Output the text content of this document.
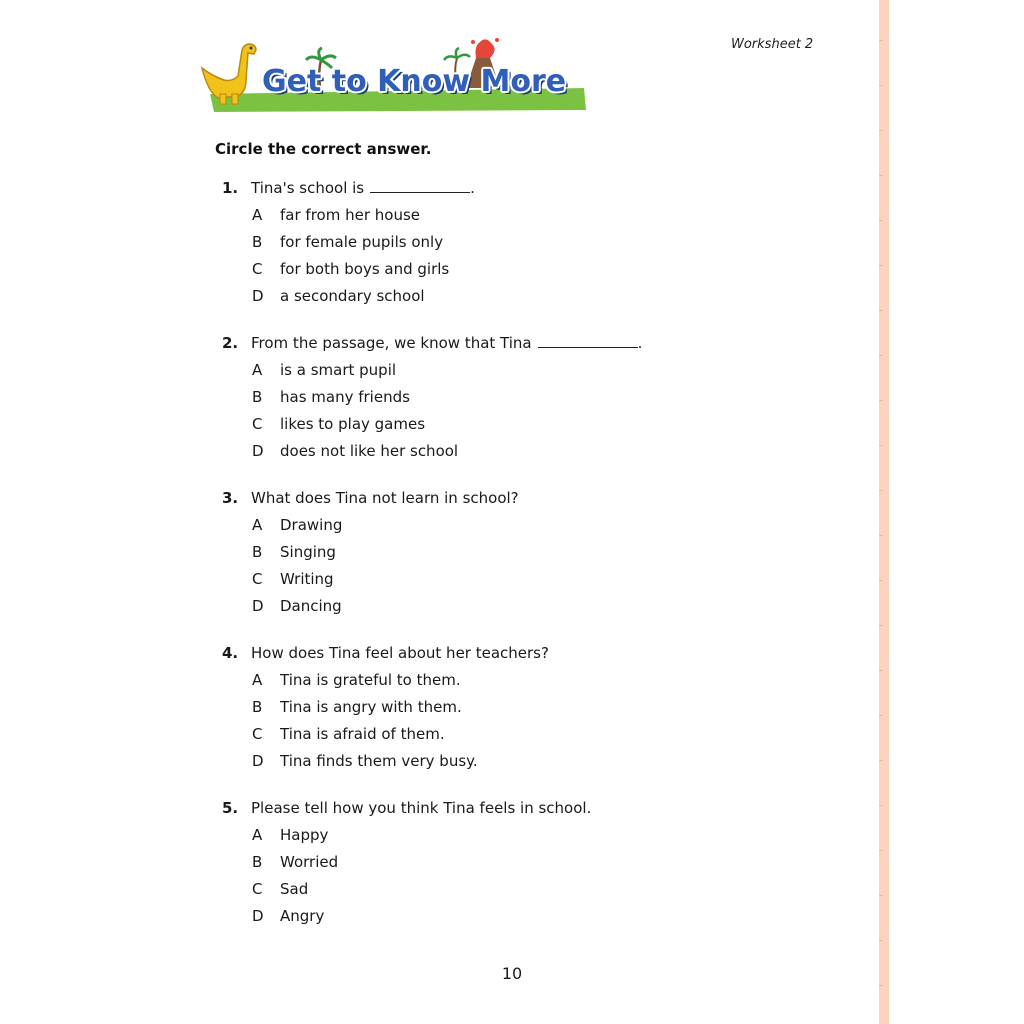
Worksheet 2
Get to Know More
Circle the correct answer.
1. Tina's school is	.
A	far from her house
B	for female pupils only
C	for both boys and girls
D	a secondary school
2. From the passage, we know that Tina	.
A	is a smart pupil
B	has many friends
C	likes to play games
D	does not like her school
3. What does Tina not learn in school?
A	Drawing
B	Singing
C	Writing
D	Dancing
4. How does Tina feel about her teachers?
A	Tina is grateful to them.
B	Tina is angry with them.
C	Tina is afraid of them.
D	Tina finds them very busy.
5. Please tell how you think Tina feels in school.
A	Happy
B	Worried
C	Sad
D	Angry
10
